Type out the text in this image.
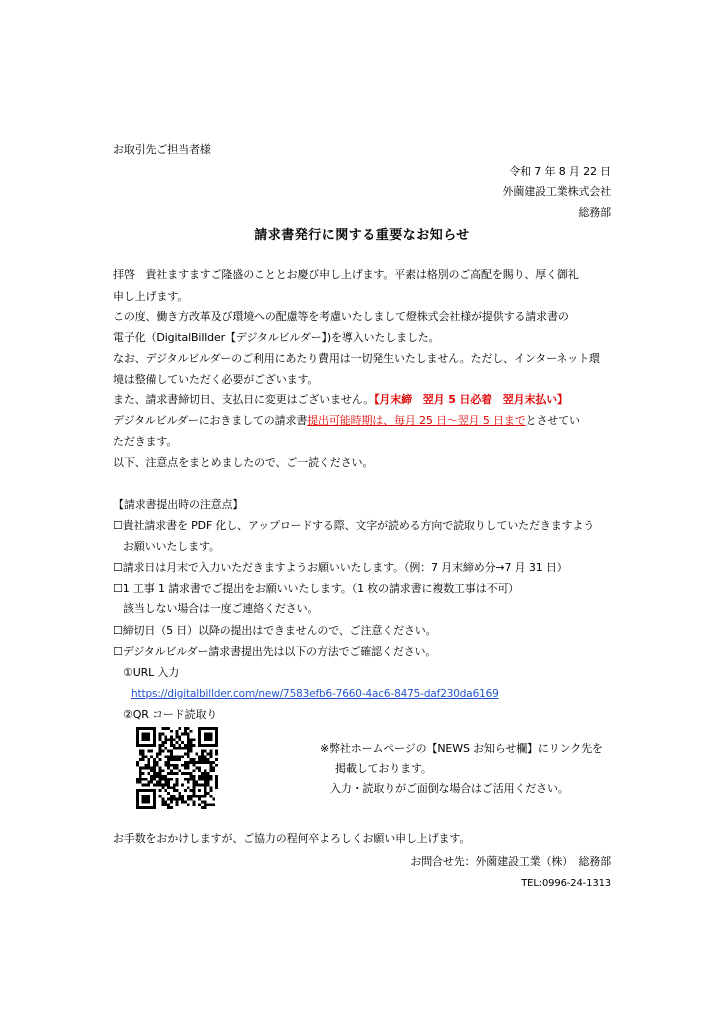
お取引先ご担当者様
令和 7 年 8 月 22 日
外薗建設工業株式会社
総務部
請求書発行に関する重要なお知らせ
拝啓　貴社ますますご隆盛のこととお慶び申し上げます。平素は格別のご高配を賜り、厚く御礼
申し上げます。
この度、働き方改革及び環境への配慮等を考慮いたしまして燈株式会社様が提供する請求書の
電子化（DigitalBillder【デジタルビルダー】)を導入いたしました。
なお、デジタルビルダーのご利用にあたり費用は一切発生いたしません。ただし、インターネット環
境は整備していただく必要がございます。
また、請求書締切日、支払日に変更はございません。【月末締　翌月 5 日必着　翌月末払い】
デジタルビルダーにおきましての請求書提出可能時期は、毎月 25 日～翌月 5 日までとさせてい
ただきます。
以下、注意点をまとめましたので、ご一読ください。
【請求書提出時の注意点】
☐貴社請求書を PDF 化し、アップロードする際、文字が読める方向で読取りしていただきますよう
お願いいたします。
☐請求日は月末で入力いただきますようお願いいたします。（例：7 月末締め分→7 月 31 日）
☐1 工事 1 請求書でご提出をお願いいたします。（1 枚の請求書に複数工事は不可）
該当しない場合は一度ご連絡ください。
☐締切日（5 日）以降の提出はできませんので、ご注意ください。
☐デジタルビルダー請求書提出先は以下の方法でご確認ください。
①URL 入力
https://digitalbillder.com/new/7583efb6-7660-4ac6-8475-daf230da6169
②QR コード読取り
※弊社ホームページの【NEWS お知らせ欄】にリンク先を
掲載しております。
入力・読取りがご面倒な場合はご活用ください。
お手数をおかけしますが、ご協力の程何卒よろしくお願い申し上げます。
お問合せ先：外薗建設工業（株）　総務部
TEL:0996-24-1313
